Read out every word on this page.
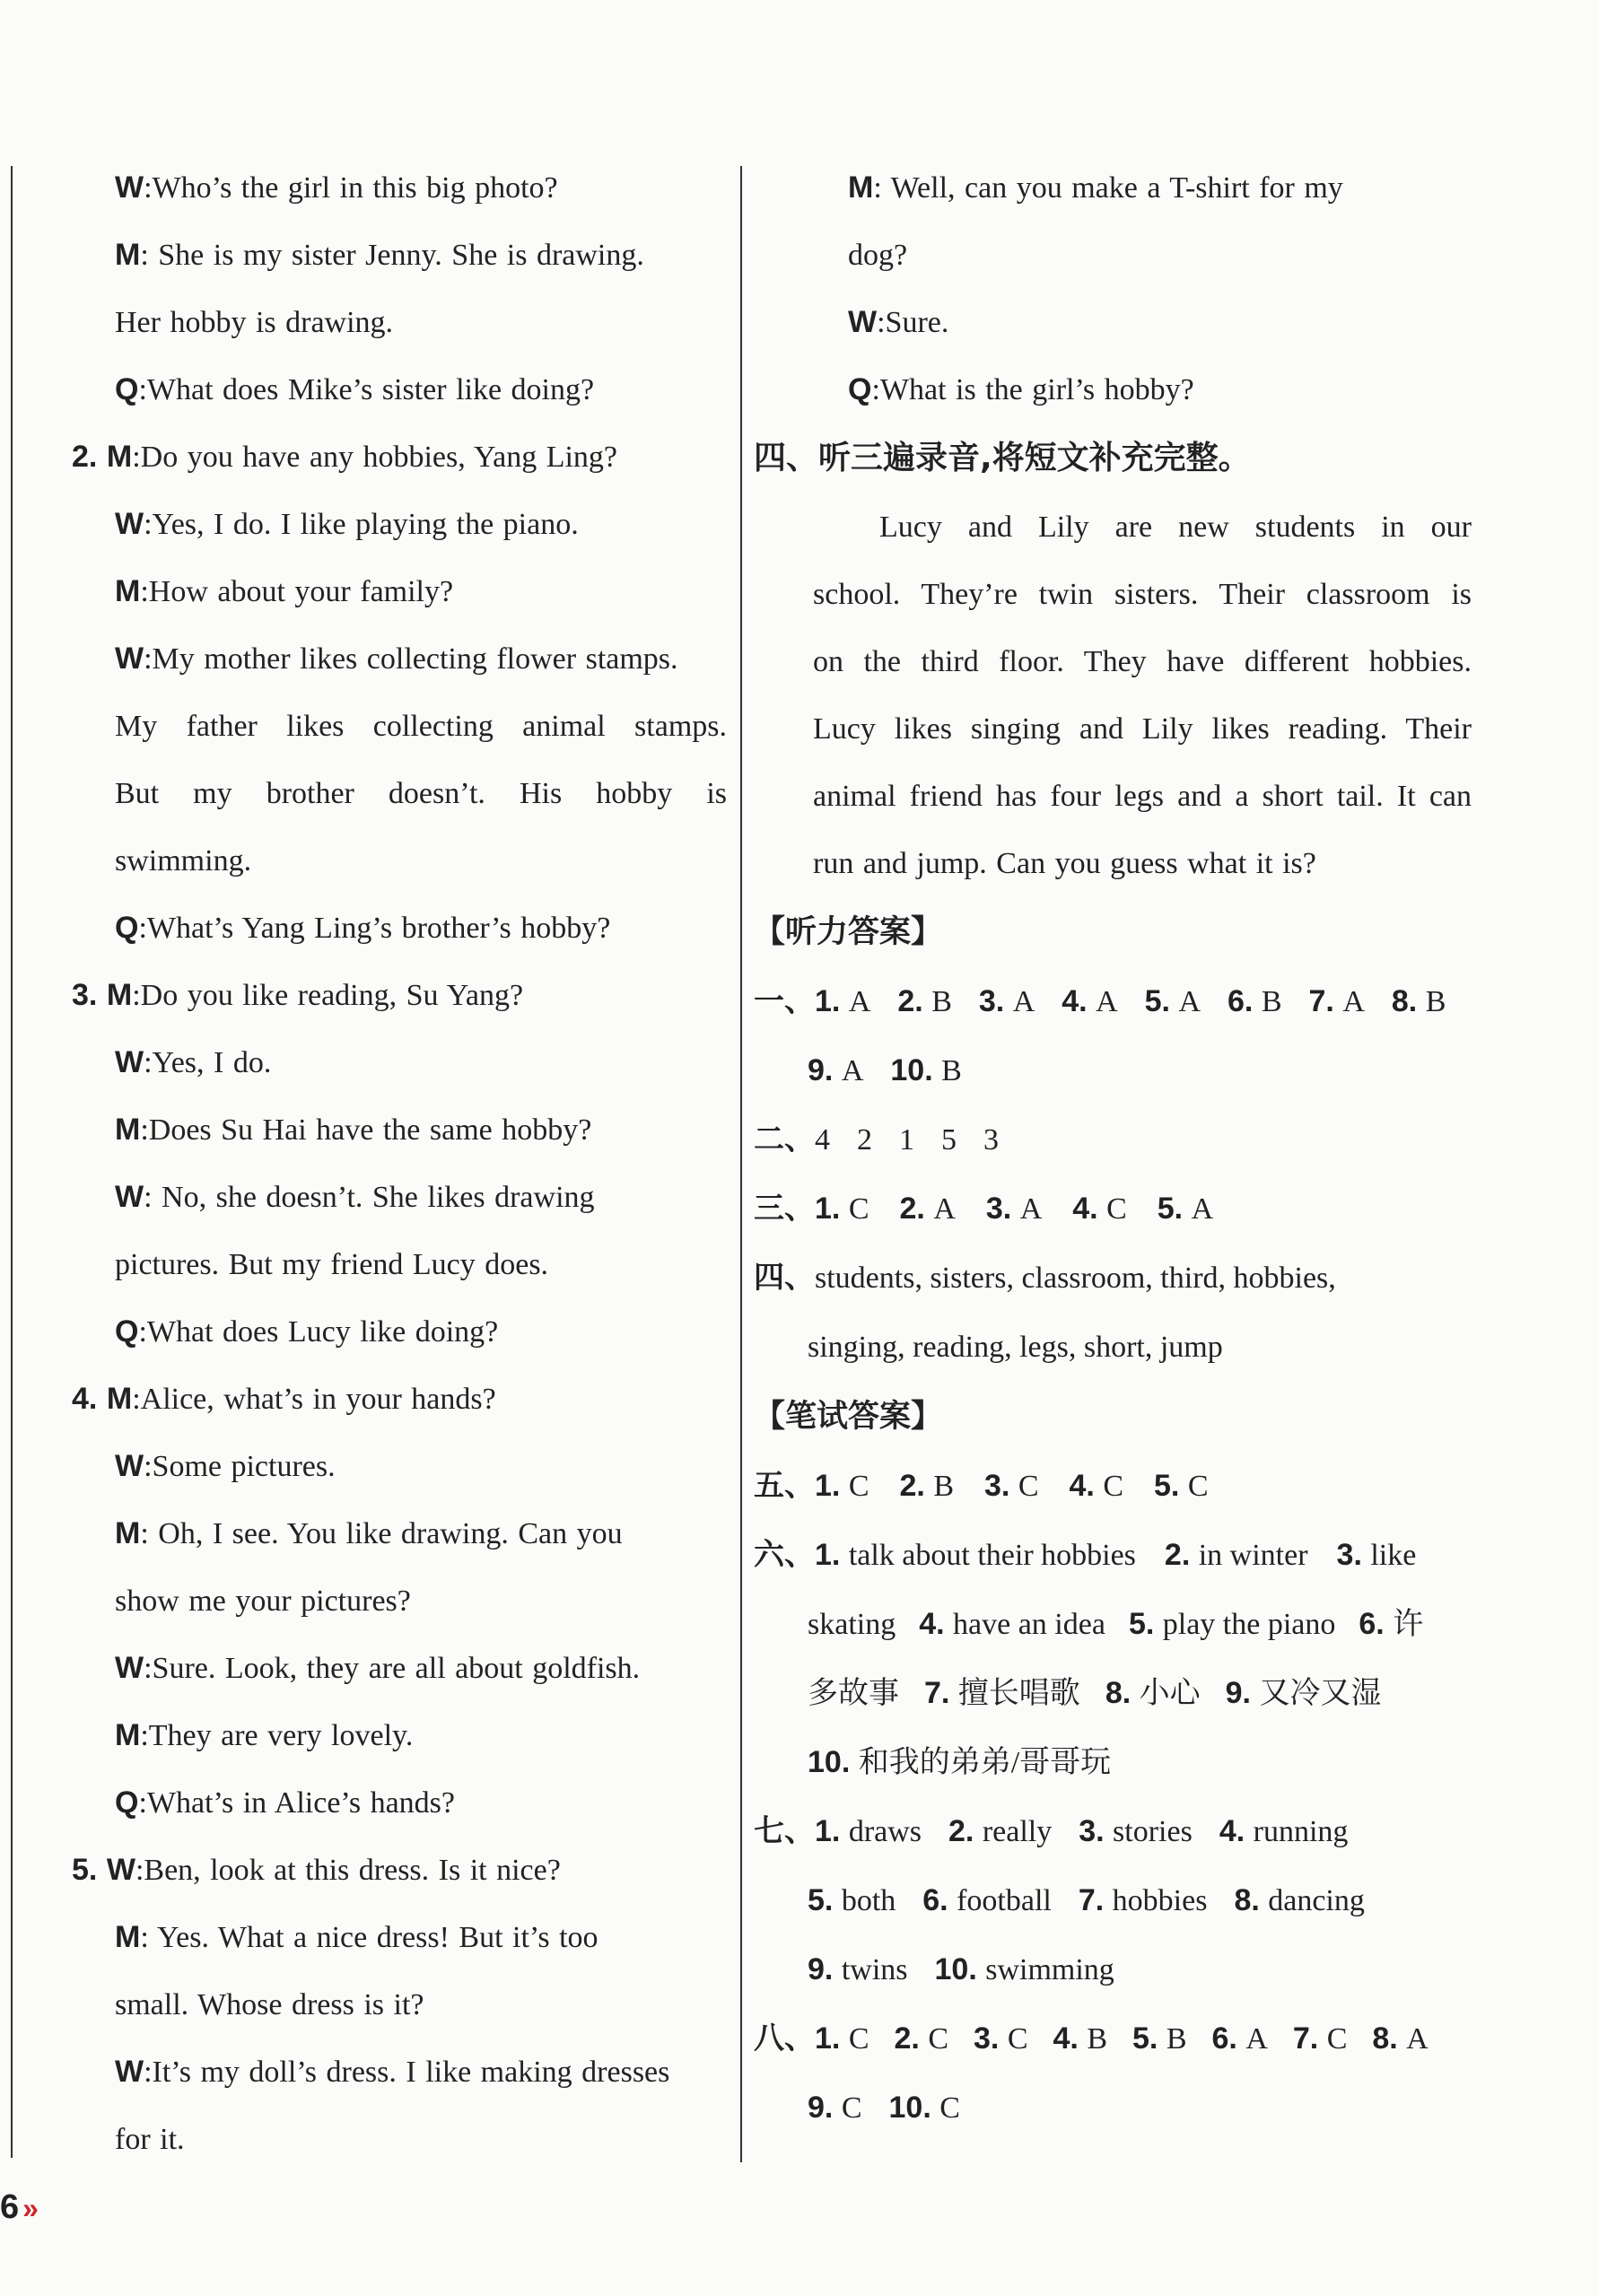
W:Who’s the girl in this big photo?
M: She is my sister Jenny. She is drawing.
Her hobby is drawing.
Q:What does Mike’s sister like doing?
2. M:Do you have any hobbies, Yang Ling?
W:Yes, I do. I like playing the piano.
M:How about your family?
W:My mother likes collecting flower stamps.
My father likes collecting animal stamps.
But my brother doesn’t. His hobby is
swimming.
Q:What’s Yang Ling’s brother’s hobby?
3. M:Do you like reading, Su Yang?
W:Yes, I do.
M:Does Su Hai have the same hobby?
W: No, she doesn’t. She likes drawing
pictures. But my friend Lucy does.
Q:What does Lucy like doing?
4. M:Alice, what’s in your hands?
W:Some pictures.
M: Oh, I see. You like drawing. Can you
show me your pictures?
W:Sure. Look, they are all about goldfish.
M:They are very lovely.
Q:What’s in Alice’s hands?
5. W:Ben, look at this dress. Is it nice?
M: Yes. What a nice dress! But it’s too
small. Whose dress is it?
W:It’s my doll’s dress. I like making dresses
for it.
M: Well, can you make a T-shirt for my
dog?
W:Sure.
Q:What is the girl’s hobby?
四、听三遍录音,将短文补充完整。
Lucy and Lily are new students in our
school. They’re twin sisters. Their classroom is
on the third floor. They have different hobbies.
Lucy likes singing and Lily likes reading. Their
animal friend has four legs and a short tail. It can
run and jump. Can you guess what it is?
【听力答案】
一、1. A 2. B 3. A 4. A 5. A 6. B 7. A 8. B
9. A 10. B
二、4 2 1 5 3
三、1. C 2. A 3. A 4. C 5. A
四、students, sisters, classroom, third, hobbies,
singing, reading, legs, short, jump
【笔试答案】
五、1. C 2. B 3. C 4. C 5. C
六、1. talk about their hobbies 2. in winter 3. like
skating 4. have an idea 5. play the piano 6. 许
多故事 7. 擅长唱歌 8. 小心 9. 又冷又湿
10. 和我的弟弟/哥哥玩
七、1. draws 2. really 3. stories 4. running
5. both 6. football 7. hobbies 8. dancing
9. twins 10. swimming
八、1. C 2. C 3. C 4. B 5. B 6. A 7. C 8. A
9. C 10. C
6 »
